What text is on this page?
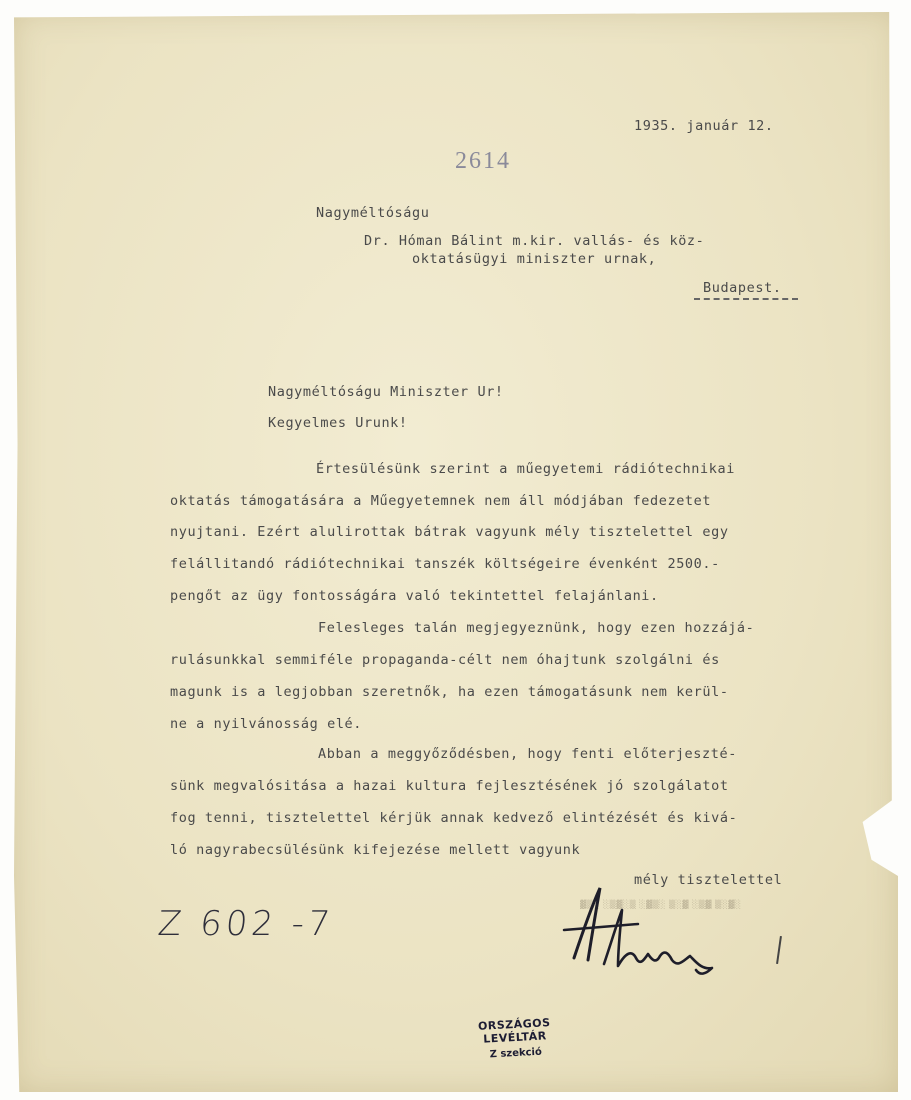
1935. január 12.
2614
Nagyméltóságu
Dr. Hóman Bálint m.kir. vallás- és köz-
oktatásügyi miniszter urnak,
Budapest.
Nagyméltóságu Miniszter Ur!
Kegyelmes Urunk!
Értesülésünk szerint a műegyetemi rádiótechnikai
oktatás támogatására a Műegyetemnek nem áll módjában fedezetet
nyujtani. Ezért alulirottak bátrak vagyunk mély tisztelettel egy
felállitandó rádiótechnikai tanszék költségeire évenként 2500.-
pengőt az ügy fontosságára való tekintettel felajánlani.
Felesleges talán megjegyeznünk, hogy ezen hozzájá-
rulásunkkal semmiféle propaganda-célt nem óhajtunk szolgálni és
magunk is a legjobban szeretnők, ha ezen támogatásunk nem kerül-
ne a nyilvánosság elé.
Abban a meggyőződésben, hogy fenti előterjeszté-
sünk megvalósitása a hazai kultura fejlesztésének jó szolgálatot
fog tenni, tisztelettel kérjük annak kedvező elintézését és kivá-
ló nagyrabecsülésünk kifejezése mellett vagyunk
mély tisztelettel
▓▒░ ░▒▓░▒ ░▓▒░ ▒░▓ ░▒▓ ▒░▓░
Z 602 -7
ORSZÁGOS LEVÉLTÁR
Z szekció
